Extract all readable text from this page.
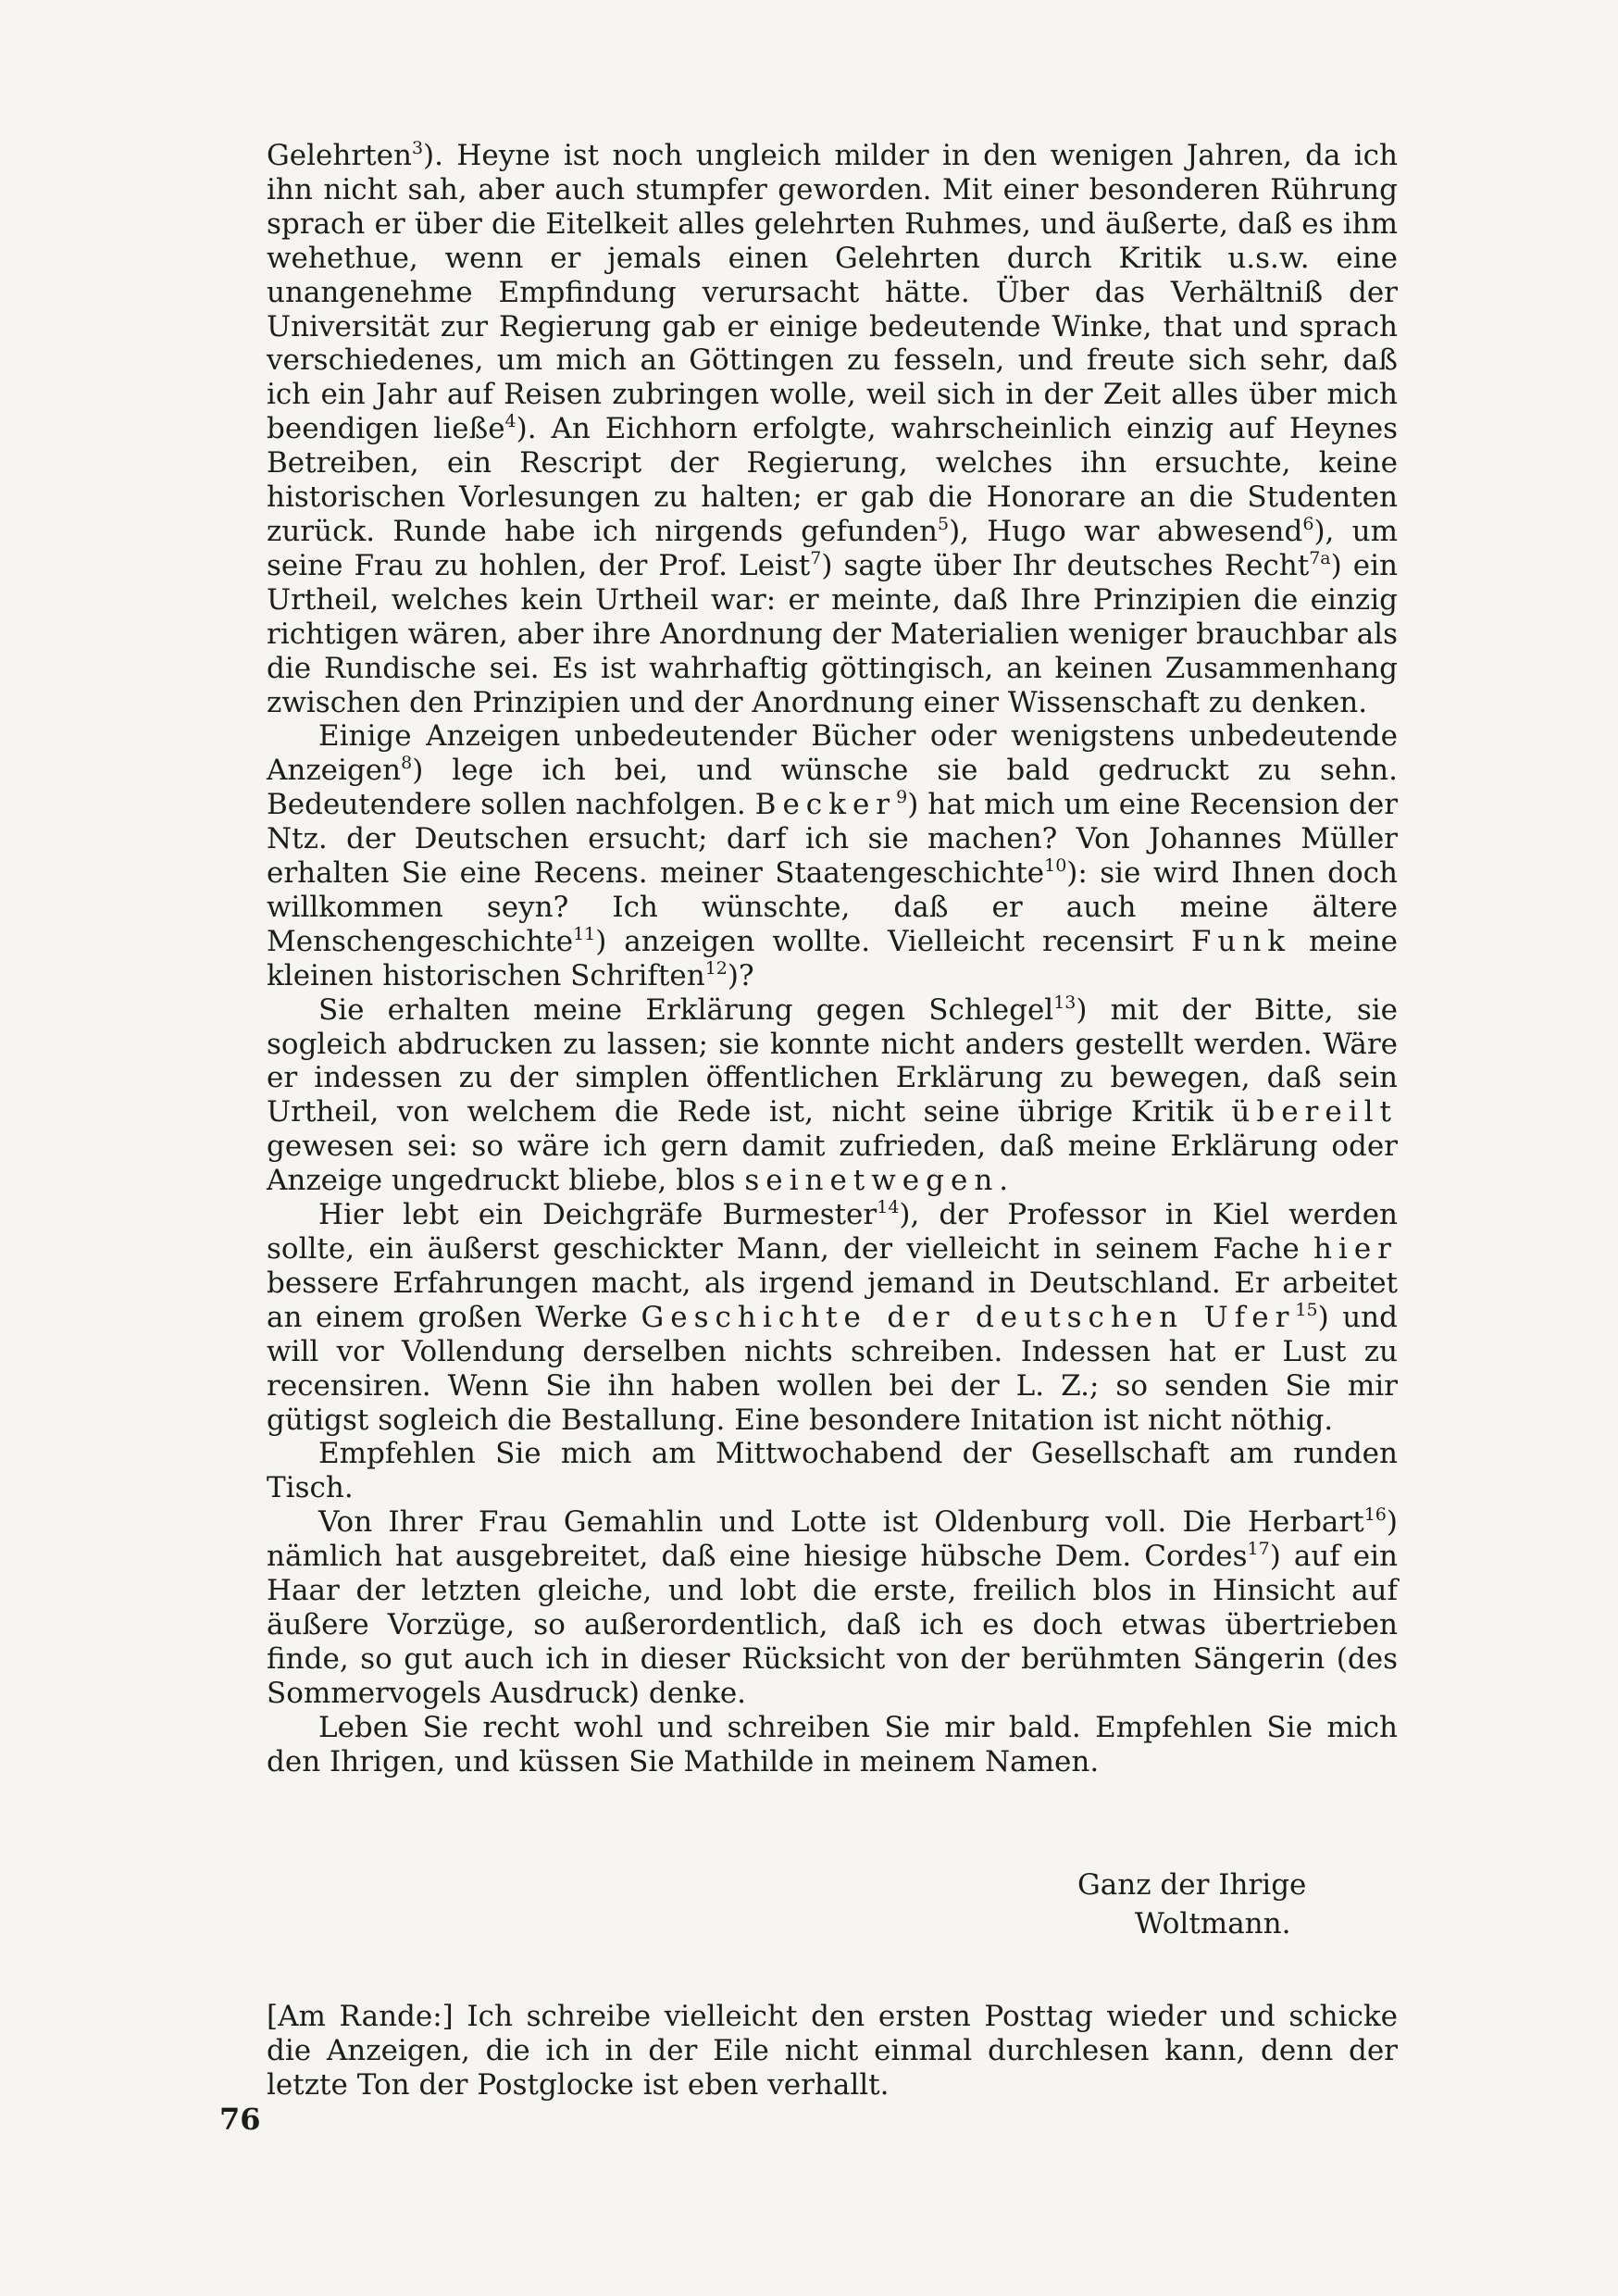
Gelehrten$^3$). Heyne ist noch ungleich milder in den wenigen Jahren, da ich ihn nicht sah, aber auch stumpfer geworden. Mit einer besonderen Rührung sprach er über die Eitelkeit alles gelehrten Ruhmes, und äußerte, daß es ihm wehethue, wenn er jemals einen Gelehrten durch Kritik u.s.w. eine unangenehme Empfindung verursacht hätte. Über das Verhältniß der Universität zur Regierung gab er einige bedeutende Winke, that und sprach verschiedenes, um mich an Göttingen zu fesseln, und freute sich sehr, daß ich ein Jahr auf Reisen zubringen wolle, weil sich in der Zeit alles über mich beendigen ließe$^4$). An Eichhorn erfolgte, wahrscheinlich einzig auf Heynes Betreiben, ein Rescript der Regierung, welches ihn ersuchte, keine historischen Vorlesungen zu halten; er gab die Honorare an die Studenten zurück. Runde habe ich nirgends gefunden$^5$), Hugo war abwesend$^6$), um seine Frau zu hohlen, der Prof. Leist$^7$) sagte über Ihr deutsches Recht$^{7a}$) ein Urtheil, welches kein Urtheil war: er meinte, daß Ihre Prinzipien die einzig richtigen wären, aber ihre Anordnung der Materialien weniger brauchbar als die Rundische sei. Es ist wahrhaftig göttingisch, an keinen Zusammenhang zwischen den Prinzipien und der Anordnung einer Wissenschaft zu denken.

Einige Anzeigen unbedeutender Bücher oder wenigstens unbedeutende Anzeigen$^8$) lege ich bei, und wünsche sie bald gedruckt zu sehn. Bedeutendere sollen nachfolgen. Becker$^9$) hat mich um eine Recension der Ntz. der Deutschen ersucht; darf ich sie machen? Von Johannes Müller erhalten Sie eine Recens. meiner Staatengeschichte$^{10}$): sie wird Ihnen doch willkommen seyn? Ich wünschte, daß er auch meine ältere Menschengeschichte$^{11}$) anzeigen wollte. Vielleicht recensirt Funk meine kleinen historischen Schriften$^{12}$)?

Sie erhalten meine Erklärung gegen Schlegel$^{13}$) mit der Bitte, sie sogleich abdrucken zu lassen; sie konnte nicht anders gestellt werden. Wäre er indessen zu der simplen öffentlichen Erklärung zu bewegen, daß sein Urtheil, von welchem die Rede ist, nicht seine übrige Kritik übereilt gewesen sei: so wäre ich gern damit zufrieden, daß meine Erklärung oder Anzeige ungedruckt bliebe, blos seinetwegen.

Hier lebt ein Deichgräfe Burmester$^{14}$), der Professor in Kiel werden sollte, ein äußerst geschickter Mann, der vielleicht in seinem Fache hier bessere Erfahrungen macht, als irgend jemand in Deutschland. Er arbeitet an einem großen Werke Geschichte der deutschen Ufer$^{15}$) und will vor Vollendung derselben nichts schreiben. Indessen hat er Lust zu recensiren. Wenn Sie ihn haben wollen bei der L. Z.; so senden Sie mir gütigst sogleich die Bestallung. Eine besondere Initation ist nicht nöthig.

Empfehlen Sie mich am Mittwochabend der Gesellschaft am runden Tisch.

Von Ihrer Frau Gemahlin und Lotte ist Oldenburg voll. Die Herbart$^{16}$) nämlich hat ausgebreitet, daß eine hiesige hübsche Dem. Cordes$^{17}$) auf ein Haar der letzten gleiche, und lobt die erste, freilich blos in Hinsicht auf äußere Vorzüge, so außerordentlich, daß ich es doch etwas übertrieben finde, so gut auch ich in dieser Rücksicht von der berühmten Sängerin (des Sommervogels Ausdruck) denke.

Leben Sie recht wohl und schreiben Sie mir bald. Empfehlen Sie mich den Ihrigen, und küssen Sie Mathilde in meinem Namen.

Ganz der Ihrige
Woltmann.
[Am Rande:] Ich schreibe vielleicht den ersten Posttag wieder und schicke die Anzeigen, die ich in der Eile nicht einmal durchlesen kann, denn der letzte Ton der Postglocke ist eben verhallt.
76
